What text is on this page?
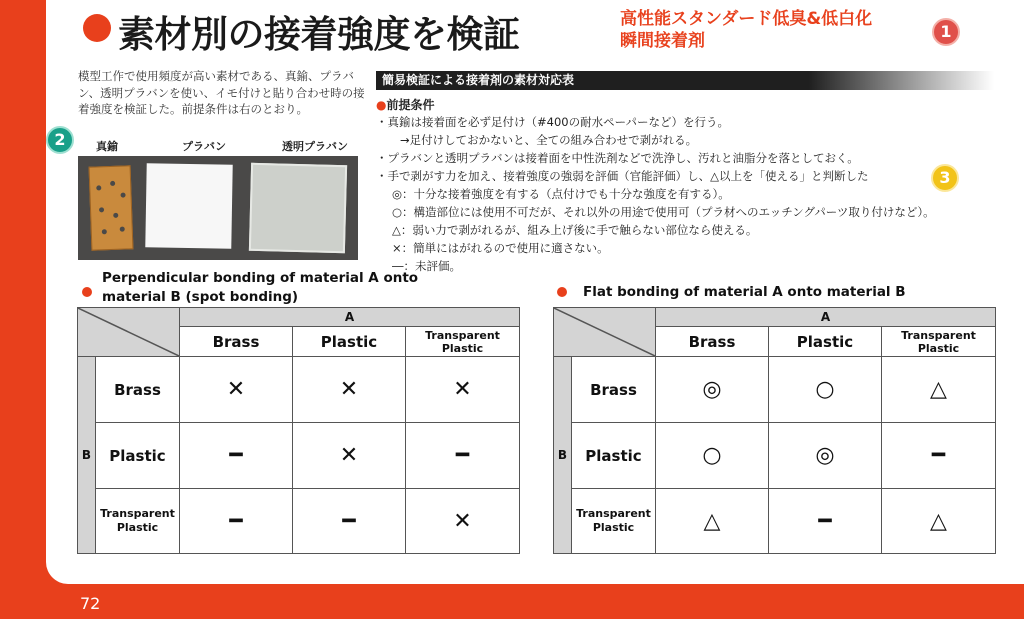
素材別の接着強度を検証	高性能スタンダード低臭&低白化
瞬間接着剤	1
模型工作で使用頻度が高い素材である、真鍮、プラバン、透明プラバンを使い、イモ付けと貼り合わせ時の接着強度を検証した。前提条件は右のとおり。
2	真鍮	プラバン	透明プラバン
簡易検証による接着剤の素材対応表
●前提条件
・真鍮は接着面を必ず足付け（#400の耐水ペーパーなど）を行う。
→足付けしておかないと、全ての組み合わせで剥がれる。
・プラバンと透明プラバンは接着面を中性洗剤などで洗浄し、汚れと油脂分を落としておく。
・手で剥がす力を加え、接着強度の強弱を評価（官能評価）し、△以上を「使える」と判断した
◎：十分な接着強度を有する（点付けでも十分な強度を有する）。
○：構造部位には使用不可だが、それ以外の用途で使用可（プラ材へのエッチングパーツ取り付けなど）。
△：弱い力で剥がれるが、組み上げ後に手で触らない部位なら使える。
×：簡単にはがれるので使用に適さない。
―：未評価。
3
Perpendicular bonding of material A onto
material B (spot bonding)
	A		
		Brass	Plastic	Transparent Plastic
B	Brass	✕	✕	✕
	Plastic	━	✕	━
	Transparent Plastic	━	━	✕
Flat bonding of material A onto material B
	A		
		Brass	Plastic	Transparent Plastic
B	Brass	◎	○	△
	Plastic	○	◎	━
	Transparent Plastic	△	━	△
72
